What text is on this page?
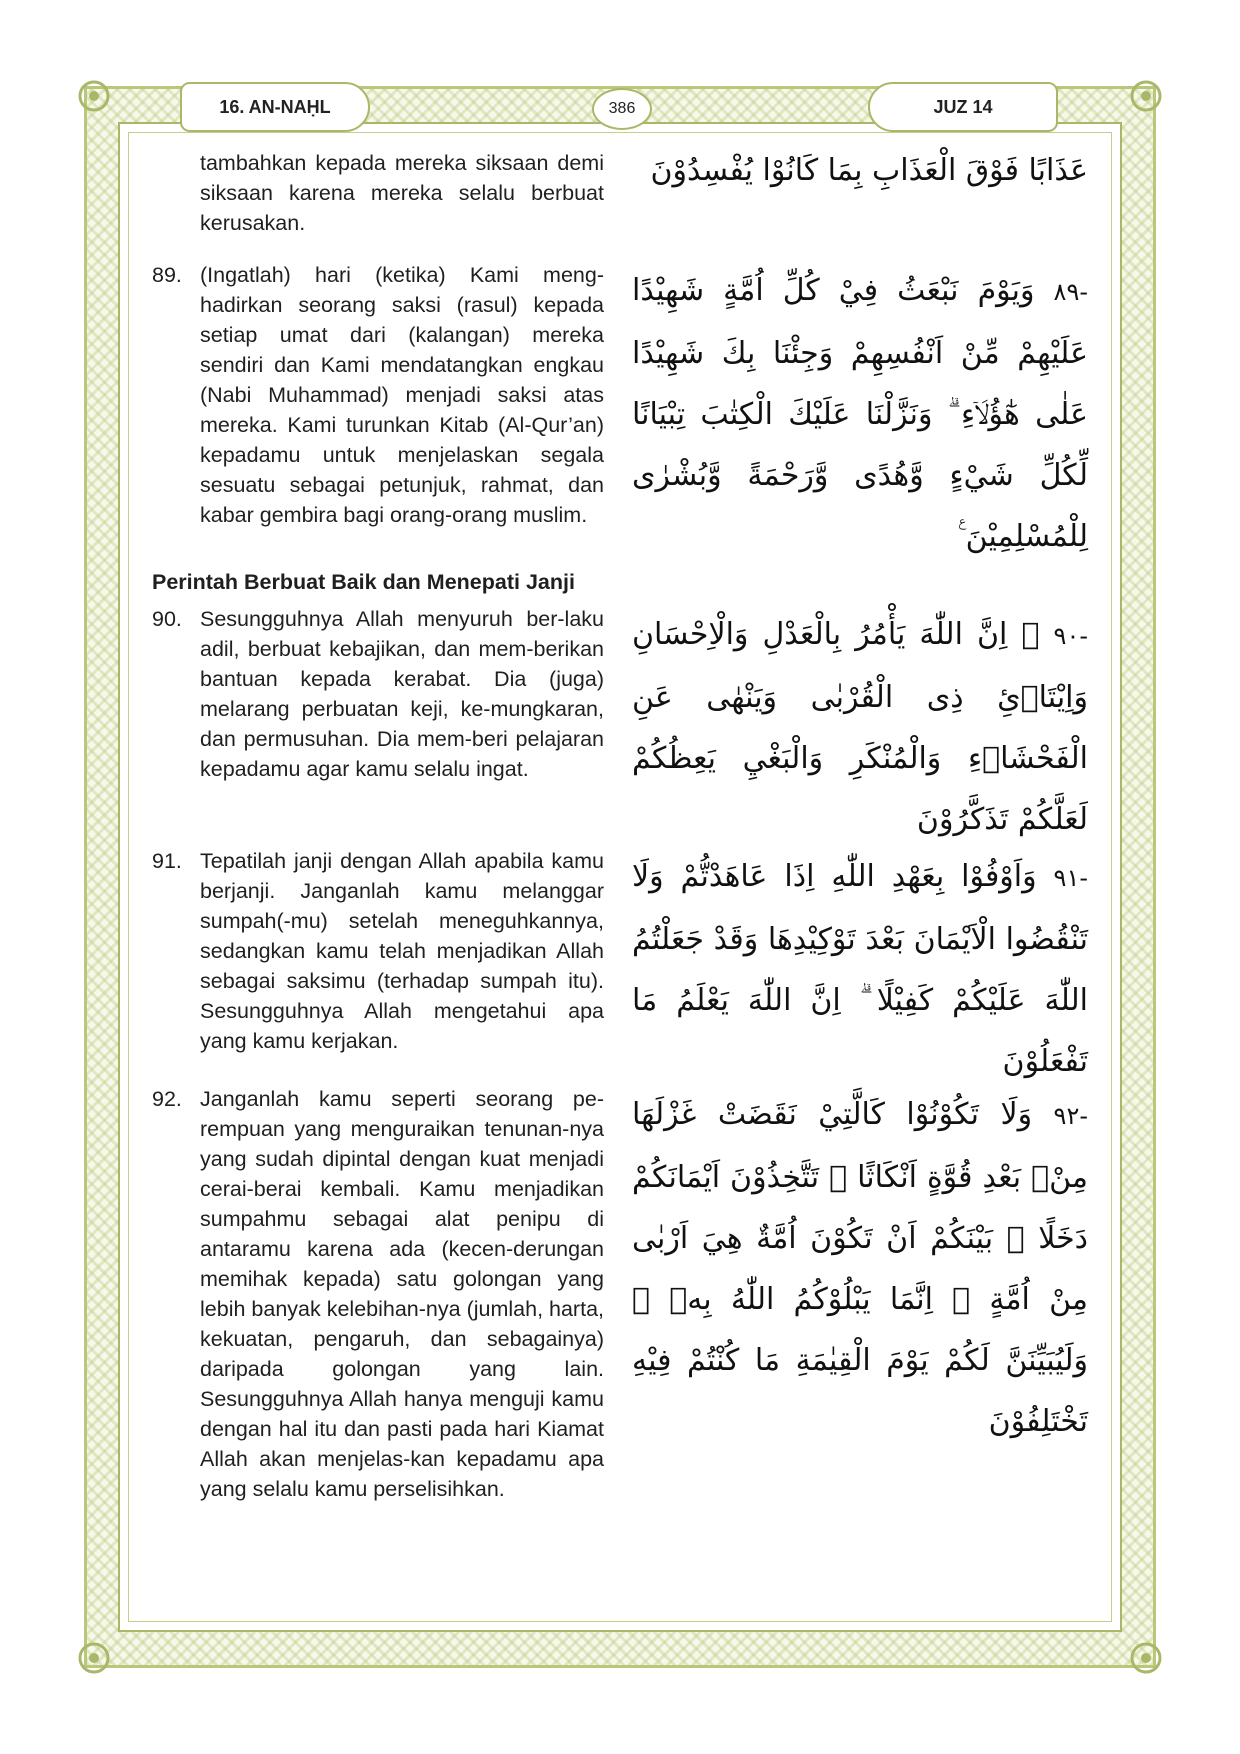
16. AN-NAḤL	386	JUZ 14
عَذَابًا فَوْقَ الْعَذَابِ بِمَا كَانُوْا يُفْسِدُوْنَ
tambahkan kepada mereka siksaan demi siksaan karena mereka selalu berbuat kerusakan.
-٨٩ وَيَوْمَ نَبْعَثُ فِيْ كُلِّ اُمَّةٍ شَهِيْدًا عَلَيْهِمْ مِّنْ اَنْفُسِهِمْ وَجِئْنَا بِكَ شَهِيْدًا عَلٰى هٰٓؤُلَاۤءِ ۗ وَنَزَّلْنَا عَلَيْكَ الْكِتٰبَ تِبْيَانًا لِّكُلِّ شَيْءٍ وَّهُدًى وَّرَحْمَةً وَّبُشْرٰى لِلْمُسْلِمِيْنَ ࣖ
89. (Ingatlah) hari (ketika) Kami meng-hadirkan seorang saksi (rasul) kepada setiap umat dari (kalangan) mereka sendiri dan Kami mendatangkan engkau (Nabi Muhammad) menjadi saksi atas mereka. Kami turunkan Kitab (Al-Qur’an) kepadamu untuk menjelaskan segala sesuatu sebagai petunjuk, rahmat, dan kabar gembira bagi orang-orang muslim.
Perintah Berbuat Baik dan Menepati Janji
-٩٠ ۞ اِنَّ اللّٰهَ يَأْمُرُ بِالْعَدْلِ وَالْاِحْسَانِ وَاِيْتَاۤئِ ذِى الْقُرْبٰى وَيَنْهٰى عَنِ الْفَحْشَاۤءِ وَالْمُنْكَرِ وَالْبَغْيِ يَعِظُكُمْ لَعَلَّكُمْ تَذَكَّرُوْنَ
90. Sesungguhnya Allah menyuruh ber-laku adil, berbuat kebajikan, dan mem-berikan bantuan kepada kerabat. Dia (juga) melarang perbuatan keji, ke-mungkaran, dan permusuhan. Dia mem-beri pelajaran kepadamu agar kamu selalu ingat.
-٩١ وَاَوْفُوْا بِعَهْدِ اللّٰهِ اِذَا عَاهَدْتُّمْ وَلَا تَنْقُضُوا الْاَيْمَانَ بَعْدَ تَوْكِيْدِهَا وَقَدْ جَعَلْتُمُ اللّٰهَ عَلَيْكُمْ كَفِيْلًا ۗ اِنَّ اللّٰهَ يَعْلَمُ مَا تَفْعَلُوْنَ
91. Tepatilah janji dengan Allah apabila kamu berjanji. Janganlah kamu melanggar sumpah(-mu) setelah meneguhkannya, sedangkan kamu telah menjadikan Allah sebagai saksimu (terhadap sumpah itu). Sesungguhnya Allah mengetahui apa yang kamu kerjakan.
-٩٢ وَلَا تَكُوْنُوْا كَالَّتِيْ نَقَضَتْ غَزْلَهَا مِنْۢ بَعْدِ قُوَّةٍ اَنْكَاثًا ۗ تَتَّخِذُوْنَ اَيْمَانَكُمْ دَخَلًا ۢ بَيْنَكُمْ اَنْ تَكُوْنَ اُمَّةٌ هِيَ اَرْبٰى مِنْ اُمَّةٍ ۗ اِنَّمَا يَبْلُوْكُمُ اللّٰهُ بِهٖ ۗ وَلَيُبَيِّنَنَّ لَكُمْ يَوْمَ الْقِيٰمَةِ مَا كُنْتُمْ فِيْهِ تَخْتَلِفُوْنَ
92. Janganlah kamu seperti seorang pe-rempuan yang menguraikan tenunan-nya yang sudah dipintal dengan kuat menjadi cerai-berai kembali. Kamu menjadikan sumpahmu sebagai alat penipu di antaramu karena ada (kecen-derungan memihak kepada) satu golongan yang lebih banyak kelebihan-nya (jumlah, harta, kekuatan, pengaruh, dan sebagainya) daripada golongan yang lain. Sesungguhnya Allah hanya menguji kamu dengan hal itu dan pasti pada hari Kiamat Allah akan menjelas-kan kepadamu apa yang selalu kamu perselisihkan.
